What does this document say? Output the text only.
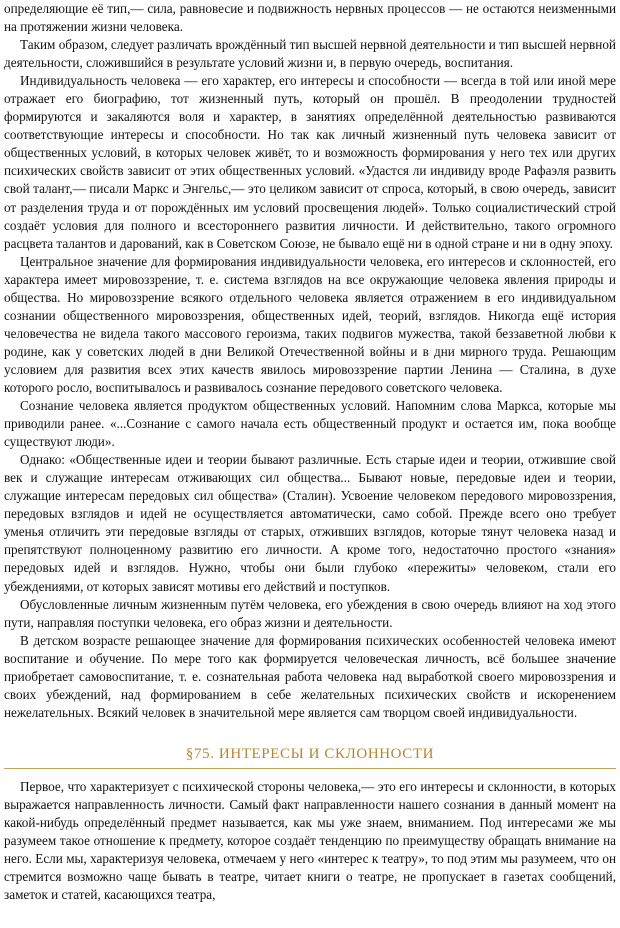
определяющие её тип,— сила, равновесие и подвижность нервных процессов — не остаются неизменными на протяжении жизни человека.

Таким образом, следует различать врождённый тип высшей нервной деятельности и тип высшей нервной деятельности, сложившийся в результате условий жизни и, в первую очередь, воспитания.

Индивидуальность человека — его характер, его интересы и способности — всегда в той или иной мере отражает его биографию, тот жизненный путь, который он прошёл. В преодолении трудностей формируются и закаляются воля и характер, в занятиях определённой деятельностью развиваются соответствующие интересы и способности. Но так как личный жизненный путь человека зависит от общественных условий, в которых человек живёт, то и возможность формирования у него тех или других психических свойств зависит от этих общественных условий. «Удастся ли индивиду вроде Рафаэля развить свой талант,— писали Маркс и Энгельс,— это целиком зависит от спроса, который, в свою очередь, зависит от разделения труда и от порождённых им условий просвещения людей». Только социалистический строй создаёт условия для полного и всестороннего развития личности. И действительно, такого огромного расцвета талантов и дарований, как в Советском Союзе, не бывало ещё ни в одной стране и ни в одну эпоху.

Центральное значение для формирования индивидуальности человека, его интересов и склонностей, его характера имеет мировоззрение, т. е. система взглядов на все окружающие человека явления природы и общества. Но мировоззрение всякого отдельного человека является отражением в его индивидуальном сознании общественного мировоззрения, общественных идей, теорий, взглядов. Никогда ещё история человечества не видела такого массового героизма, таких подвигов мужества, такой беззаветной любви к родине, как у советских людей в дни Великой Отечественной войны и в дни мирного труда. Решающим условием для развития всех этих качеств явилось мировоззрение партии Ленина — Сталина, в духе которого росло, воспитывалось и развивалось сознание передового советского человека.

Сознание человека является продуктом общественных условий. Напомним слова Маркса, которые мы приводили ранее. «...Сознание с самого начала есть общественный продукт и остается им, пока вообще существуют люди».

Однако: «Общественные идеи и теории бывают различные. Есть старые идеи и теории, отжившие свой век и служащие интересам отживающих сил общества... Бывают новые, передовые идеи и теории, служащие интересам передовых сил общества» (Сталин). Усвоение человеком передового мировоззрения, передовых взглядов и идей не осуществляется автоматически, само собой. Прежде всего оно требует уменья отличить эти передовые взгляды от старых, отживших взглядов, которые тянут человека назад и препятствуют полноценному развитию его личности. А кроме того, недостаточно простого «знания» передовых идей и взглядов. Нужно, чтобы они были глубоко «пережиты» человеком, стали его убеждениями, от которых зависят мотивы его действий и поступков.

Обусловленные личным жизненным путём человека, его убеждения в свою очередь влияют на ход этого пути, направляя поступки человека, его образ жизни и деятельности.

В детском возрасте решающее значение для формирования психических особенностей человека имеют воспитание и обучение. По мере того как формируется человеческая личность, всё большее значение приобретает самовоспитание, т. е. сознательная работа человека над выработкой своего мировоззрения и своих убеждений, над формированием в себе желательных психических свойств и искоренением нежелательных. Всякий человек в значительной мере является сам творцом своей индивидуальности.

§75. ИНТЕРЕСЫ И СКЛОННОСТИ

Первое, что характеризует с психической стороны человека,— это его интересы и склонности, в которых выражается направленность личности. Самый факт направленности нашего сознания в данный момент на какой-нибудь определённый предмет называется, как мы уже знаем, вниманием. Под интересами же мы разумеем такое отношение к предмету, которое создаёт тенденцию по преимуществу обращать внимание на него. Если мы, характеризуя человека, отмечаем у него «интерес к театру», то под этим мы разумеем, что он стремится возможно чаще бывать в театре, читает книги о театре, не пропускает в газетах сообщений, заметок и статей, касающихся театра,
